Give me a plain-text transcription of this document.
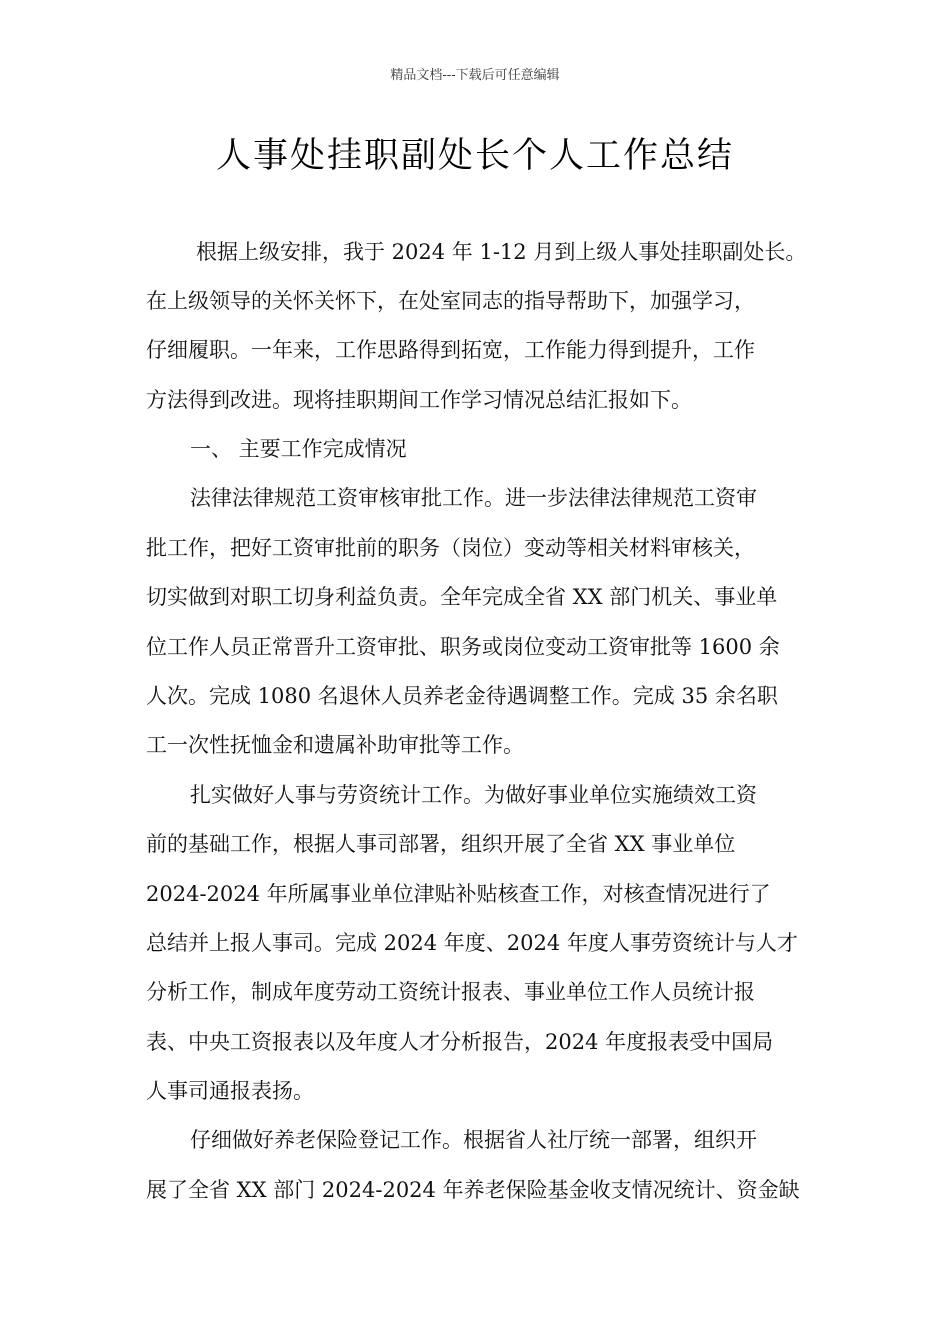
精品文档---下载后可任意编辑
人事处挂职副处长个人工作总结
根据上级安排，我于 2024 年 1-12 月到上级人事处挂职副处长。
在上级领导的关怀关怀下，在处室同志的指导帮助下，加强学习，
仔细履职。一年来，工作思路得到拓宽，工作能力得到提升，工作
方法得到改进。现将挂职期间工作学习情况总结汇报如下。
一、 主要工作完成情况
法律法律规范工资审核审批工作。进一步法律法律规范工资审
批工作，把好工资审批前的职务（岗位）变动等相关材料审核关，
切实做到对职工切身利益负责。全年完成全省 XX 部门机关、事业单
位工作人员正常晋升工资审批、职务或岗位变动工资审批等 1600 余
人次。完成 1080 名退休人员养老金待遇调整工作。完成 35 余名职
工一次性抚恤金和遗属补助审批等工作。
扎实做好人事与劳资统计工作。为做好事业单位实施绩效工资
前的基础工作，根据人事司部署，组织开展了全省 XX 事业单位
2024-2024 年所属事业单位津贴补贴核查工作，对核查情况进行了
总结并上报人事司。完成 2024 年度、2024 年度人事劳资统计与人才
分析工作，制成年度劳动工资统计报表、事业单位工作人员统计报
表、中央工资报表以及年度人才分析报告，2024 年度报表受中国局
人事司通报表扬。
仔细做好养老保险登记工作。根据省人社厅统一部署，组织开
展了全省 XX 部门 2024-2024 年养老保险基金收支情况统计、资金缺
